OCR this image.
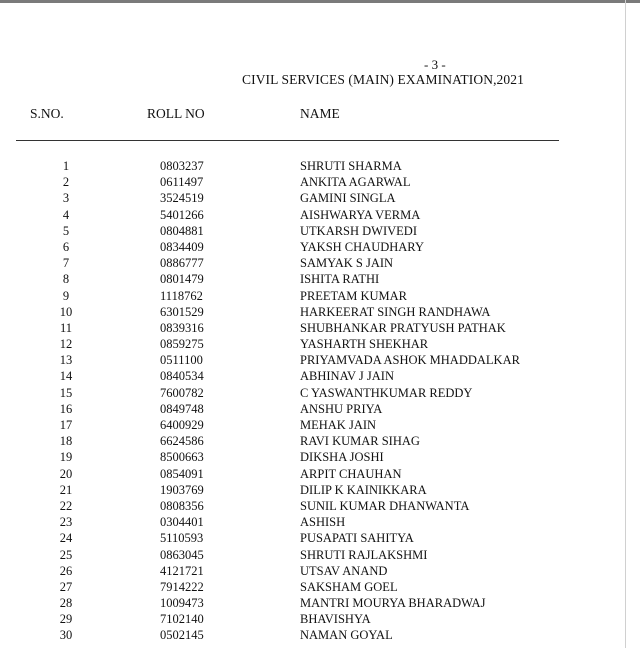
- 3 -
CIVIL SERVICES (MAIN) EXAMINATION,2021
S.NO.	ROLL NO	NAME
1	0803237	SHRUTI SHARMA
2	0611497	ANKITA AGARWAL
3	3524519	GAMINI SINGLA
4	5401266	AISHWARYA VERMA
5	0804881	UTKARSH DWIVEDI
6	0834409	YAKSH CHAUDHARY
7	0886777	SAMYAK S JAIN
8	0801479	ISHITA RATHI
9	1118762	PREETAM KUMAR
10	6301529	HARKEERAT SINGH RANDHAWA
11	0839316	SHUBHANKAR PRATYUSH PATHAK
12	0859275	YASHARTH SHEKHAR
13	0511100	PRIYAMVADA ASHOK MHADDALKAR
14	0840534	ABHINAV J JAIN
15	7600782	C YASWANTHKUMAR REDDY
16	0849748	ANSHU PRIYA
17	6400929	MEHAK JAIN
18	6624586	RAVI KUMAR SIHAG
19	8500663	DIKSHA JOSHI
20	0854091	ARPIT CHAUHAN
21	1903769	DILIP K KAINIKKARA
22	0808356	SUNIL KUMAR DHANWANTA
23	0304401	ASHISH
24	5110593	PUSAPATI SAHITYA
25	0863045	SHRUTI RAJLAKSHMI
26	4121721	UTSAV ANAND
27	7914222	SAKSHAM GOEL
28	1009473	MANTRI MOURYA BHARADWAJ
29	7102140	BHAVISHYA
30	0502145	NAMAN GOYAL
